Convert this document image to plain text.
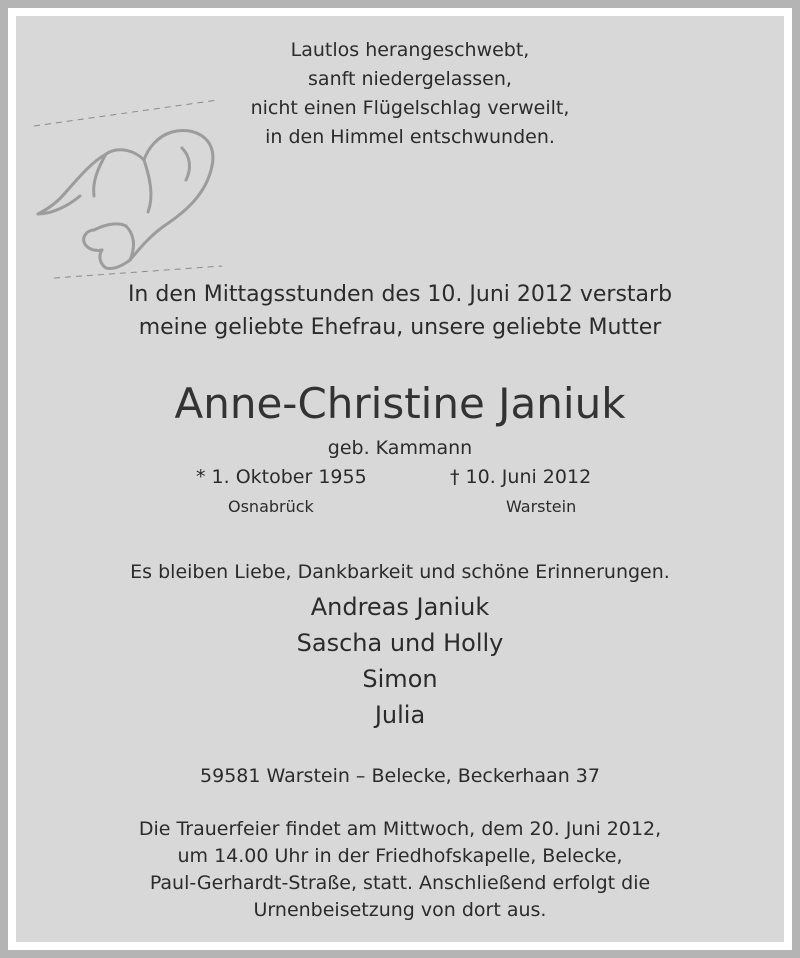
Lautlos herangeschwebt,
sanft niedergelassen,
nicht einen Flügelschlag verweilt,
in den Himmel entschwunden.
In den Mittagsstunden des 10. Juni 2012 verstarb
meine geliebte Ehefrau, unsere geliebte Mutter
Anne-Christine Janiuk
geb. Kammann
* 1. Oktober 1955	† 10. Juni 2012
Osnabrück	Warstein
Es bleiben Liebe, Dankbarkeit und schöne Erinnerungen.
Andreas Janiuk
Sascha und Holly
Simon
Julia
59581 Warstein – Belecke, Beckerhaan 37
Die Trauerfeier findet am Mittwoch, dem 20. Juni 2012,
um 14.00 Uhr in der Friedhofskapelle, Belecke,
Paul-Gerhardt-Straße, statt. Anschließend erfolgt die
Urnenbeisetzung von dort aus.
